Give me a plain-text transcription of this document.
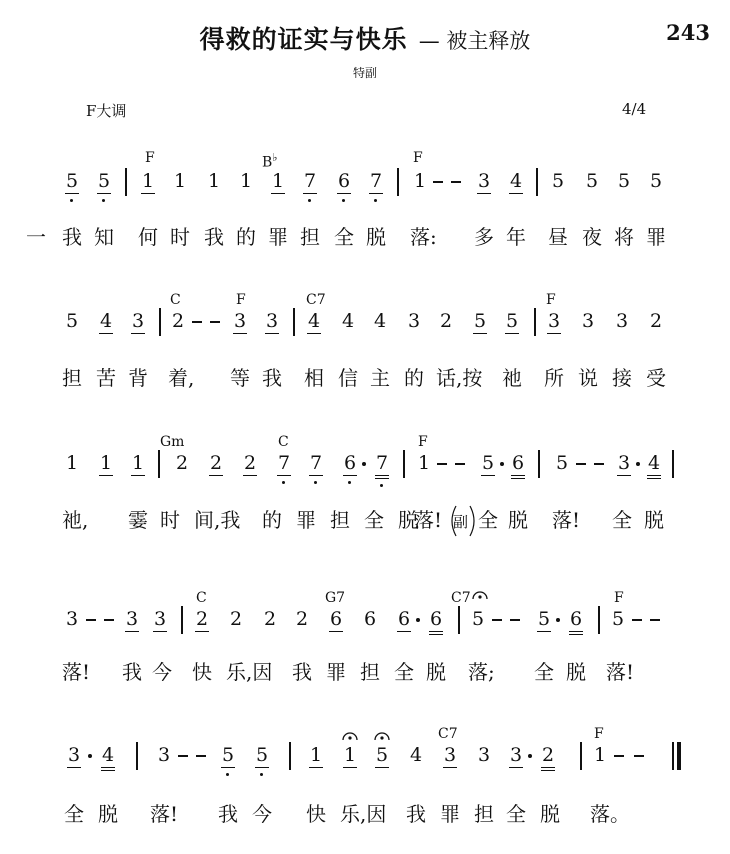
得救的证实与快乐 — 被主释放	243
特副
F大调	4/4
F	B♭	F
5 5 1 1 1 1 1 7 6 7 1	3 4 5 5 5 5
一 我 知 何 时 我 的 罪 担 全 脱 落: 多 年 昼 夜 将 罪
C	F	C7	F
5 4 3 2	3 3 4 4 4 3 2 5 5 3 3 3 2
担 苦 背 着, 等 我 相 信 主 的 话,按 祂 所 说 接 受
Gm	C	F
1 1 1 2 2 2 7 7 6 7 1	5 6 5	3 4
祂, 霎 时 间,我 的 罪 担 全 脱
落! 副 全 脱 落! 全 脱
C	G7	C7	F
3	3 3 2 2 2 2 6 6 6 6 5	5 6 5
落! 我 今 快 乐,因 我 罪 担 全 脱 落; 全 脱 落!
C7	F
3 4 3	5 5 1 1 5 4 3 3 3 2 1
全 脱 落! 我 今 快 乐,因 我 罪 担 全 脱 落。
